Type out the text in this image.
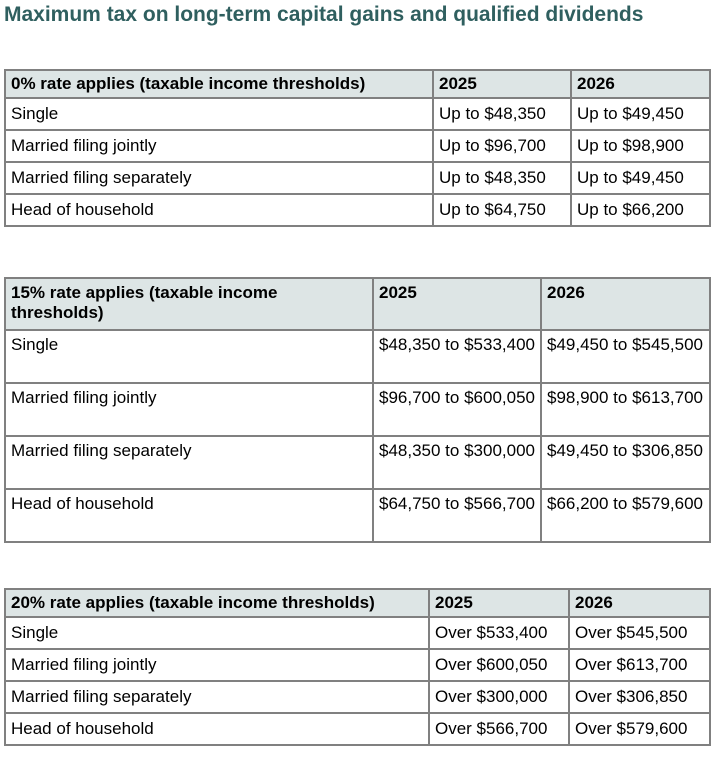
Maximum tax on long-term capital gains and qualified dividends
0% rate applies (taxable income thresholds)	2025	2026
Single	Up to $48,350	Up to $49,450
Married filing jointly	Up to $96,700	Up to $98,900
Married filing separately	Up to $48,350	Up to $49,450
Head of household	Up to $64,750	Up to $66,200
15% rate applies (taxable income thresholds)	2025	2026
Single	$48,350 to $533,400	$49,450 to $545,500
Married filing jointly	$96,700 to $600,050	$98,900 to $613,700
Married filing separately	$48,350 to $300,000	$49,450 to $306,850
Head of household	$64,750 to $566,700	$66,200 to $579,600
20% rate applies (taxable income thresholds)	2025	2026
Single	Over $533,400	Over $545,500
Married filing jointly	Over $600,050	Over $613,700
Married filing separately	Over $300,000	Over $306,850
Head of household	Over $566,700	Over $579,600
